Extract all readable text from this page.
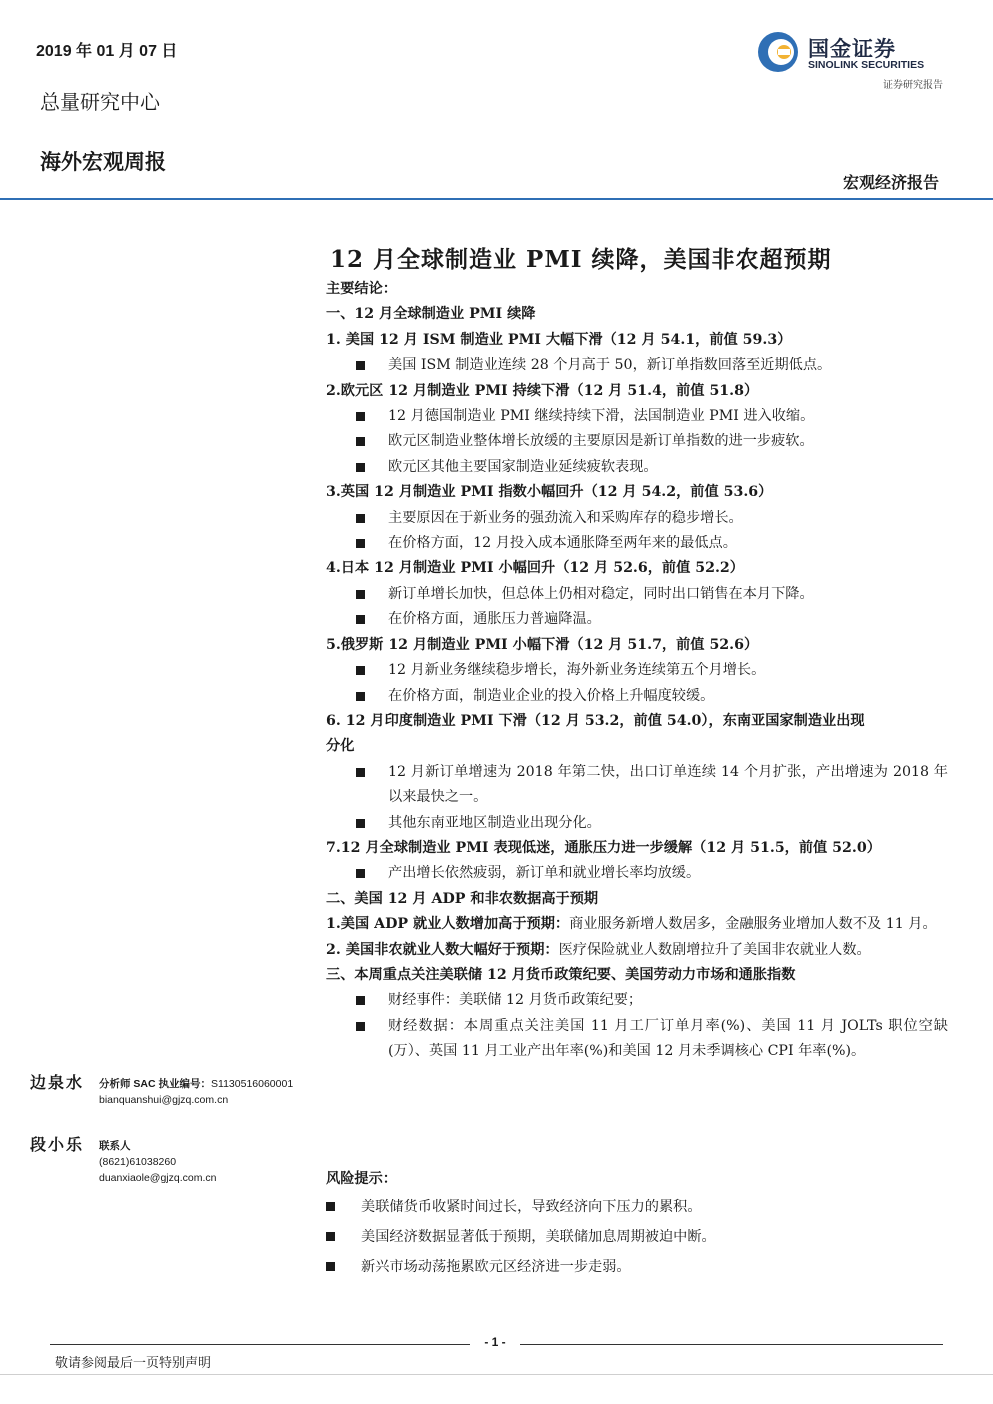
2019 年 01 月 07 日
总量研究中心
海外宏观周报
国金证券
SINOLINK SECURITIES
证券研究报告
宏观经济报告
12 月全球制造业 PMI 续降，美国非农超预期
主要结论：
一、12 月全球制造业 PMI 续降
1. 美国 12 月 ISM 制造业 PMI 大幅下滑（12 月 54.1，前值 59.3）
美国 ISM 制造业连续 28 个月高于 50，新订单指数回落至近期低点。
2.欧元区 12 月制造业 PMI 持续下滑（12 月 51.4，前值 51.8）
12 月德国制造业 PMI 继续持续下滑，法国制造业 PMI 进入收缩。
欧元区制造业整体增长放缓的主要原因是新订单指数的进一步疲软。
欧元区其他主要国家制造业延续疲软表现。
3.英国 12 月制造业 PMI 指数小幅回升（12 月 54.2，前值 53.6）
主要原因在于新业务的强劲流入和采购库存的稳步增长。
在价格方面，12 月投入成本通胀降至两年来的最低点。
4.日本 12 月制造业 PMI 小幅回升（12 月 52.6，前值 52.2）
新订单增长加快，但总体上仍相对稳定，同时出口销售在本月下降。
在价格方面，通胀压力普遍降温。
5.俄罗斯 12 月制造业 PMI 小幅下滑（12 月 51.7，前值 52.6）
12 月新业务继续稳步增长，海外新业务连续第五个月增长。
在价格方面，制造业企业的投入价格上升幅度较缓。
6. 12 月印度制造业 PMI 下滑（12 月 53.2，前值 54.0），东南亚国家制造业出现
分化
12 月新订单增速为 2018 年第二快，出口订单连续 14 个月扩张，产出增速为 2018 年以来最快之一。
其他东南亚地区制造业出现分化。
7.12 月全球制造业 PMI 表现低迷，通胀压力进一步缓解（12 月 51.5，前值 52.0）
产出增长依然疲弱，新订单和就业增长率均放缓。
二、美国 12 月 ADP 和非农数据高于预期
1.美国 ADP 就业人数增加高于预期：商业服务新增人数居多，金融服务业增加人数不及 11 月。
2. 美国非农就业人数大幅好于预期：医疗保险就业人数剧增拉升了美国非农就业人数。
三、本周重点关注美联储 12 月货币政策纪要、美国劳动力市场和通胀指数
财经事件：美联储 12 月货币政策纪要；
财经数据：本周重点关注美国 11 月工厂订单月率(%)、美国 11 月 JOLTs 职位空缺(万）、英国 11 月工业产出年率(%)和美国 12 月未季调核心 CPI 年率(%)。
边泉水 分析师 SAC 执业编号：S1130516060001
bianquanshui@gjzq.com.cn
段小乐 联系人
(8621)61038260
duanxiaole@gjzq.com.cn	风险提示：
美联储货币收紧时间过长，导致经济向下压力的累积。
美国经济数据显著低于预期，美联储加息周期被迫中断。
新兴市场动荡拖累欧元区经济进一步走弱。
- 1 -
敬请参阅最后一页特别声明
